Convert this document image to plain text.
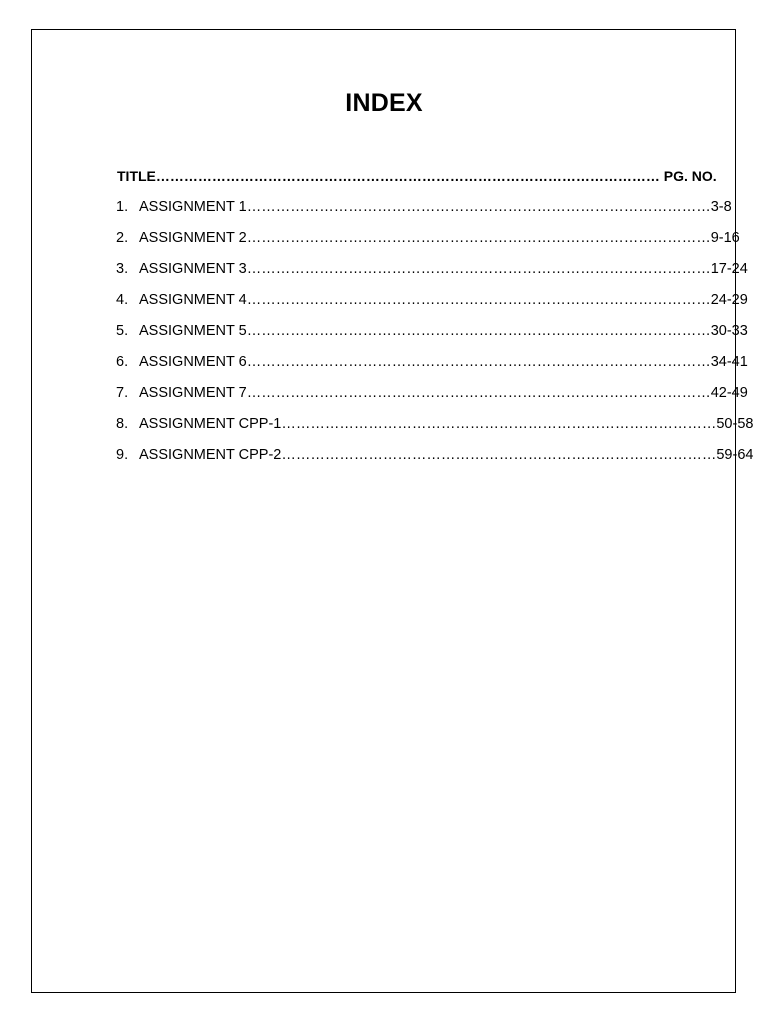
INDEX
TITLE……………………………………………………………………………………………… PG. NO.
1. ASSIGNMENT 1…………………………………………………………………………………… 3-8
2. ASSIGNMENT 2…………………………………………………………………………………… 9-16
3. ASSIGNMENT 3…………………………………………………………………………………… 17-24
4. ASSIGNMENT 4…………………………………………………………………………………… 24-29
5. ASSIGNMENT 5…………………………………………………………………………………… 30-33
6. ASSIGNMENT 6…………………………………………………………………………………… 34-41
7. ASSIGNMENT 7…………………………………………………………………………………… 42-49
8. ASSIGNMENT CPP-1……………………………………………………………………………… 50-58
9. ASSIGNMENT CPP-2……………………………………………………………………………… 59-64
